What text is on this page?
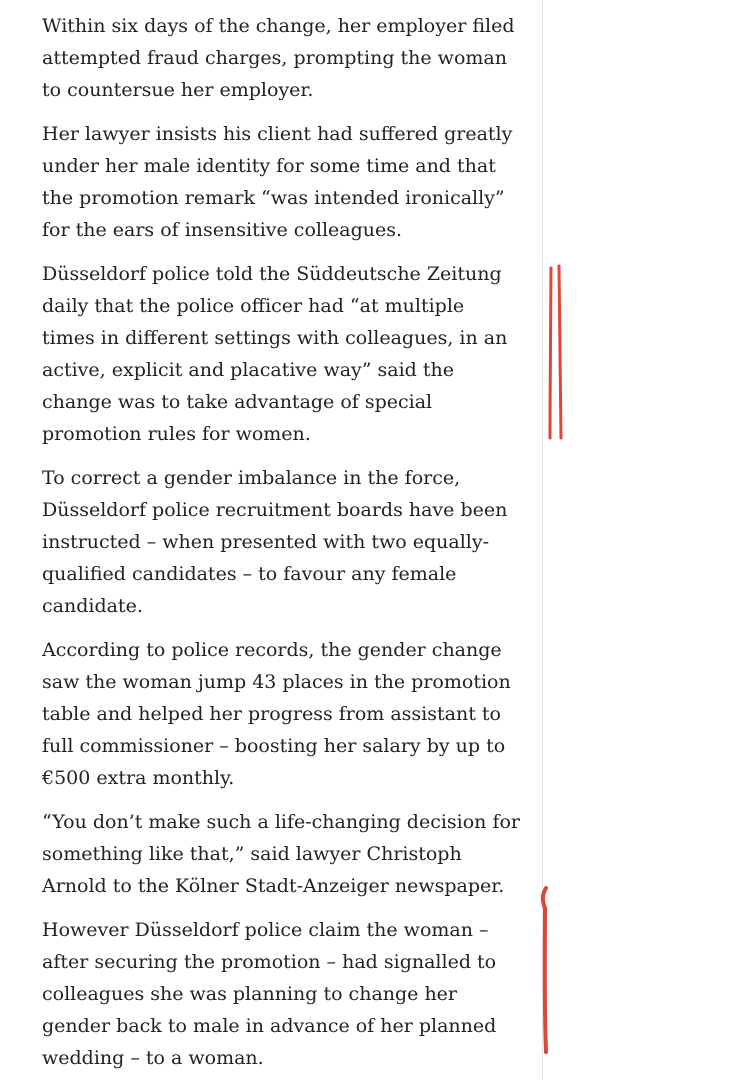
Within six days of the change, her employer filed attempted fraud charges, prompting the woman to countersue her employer.

Her lawyer insists his client had suffered greatly under her male identity for some time and that the promotion remark “was intended ironically” for the ears of insensitive colleagues.

Düsseldorf police told the Süddeutsche Zeitung daily that the police officer had “at multiple times in different settings with colleagues, in an active, explicit and placative way” said the change was to take advantage of special promotion rules for women.

To correct a gender imbalance in the force, Düsseldorf police recruitment boards have been instructed – when presented with two equally-qualified candidates – to favour any female candidate.

According to police records, the gender change saw the woman jump 43 places in the promotion table and helped her progress from assistant to full commissioner – boosting her salary by up to €500 extra monthly.

“You don’t make such a life-changing decision for something like that,” said lawyer Christoph Arnold to the Kölner Stadt-Anzeiger newspaper.

However Düsseldorf police claim the woman – after securing the promotion – had signalled to colleagues she was planning to change her gender back to male in advance of her planned wedding – to a woman.
